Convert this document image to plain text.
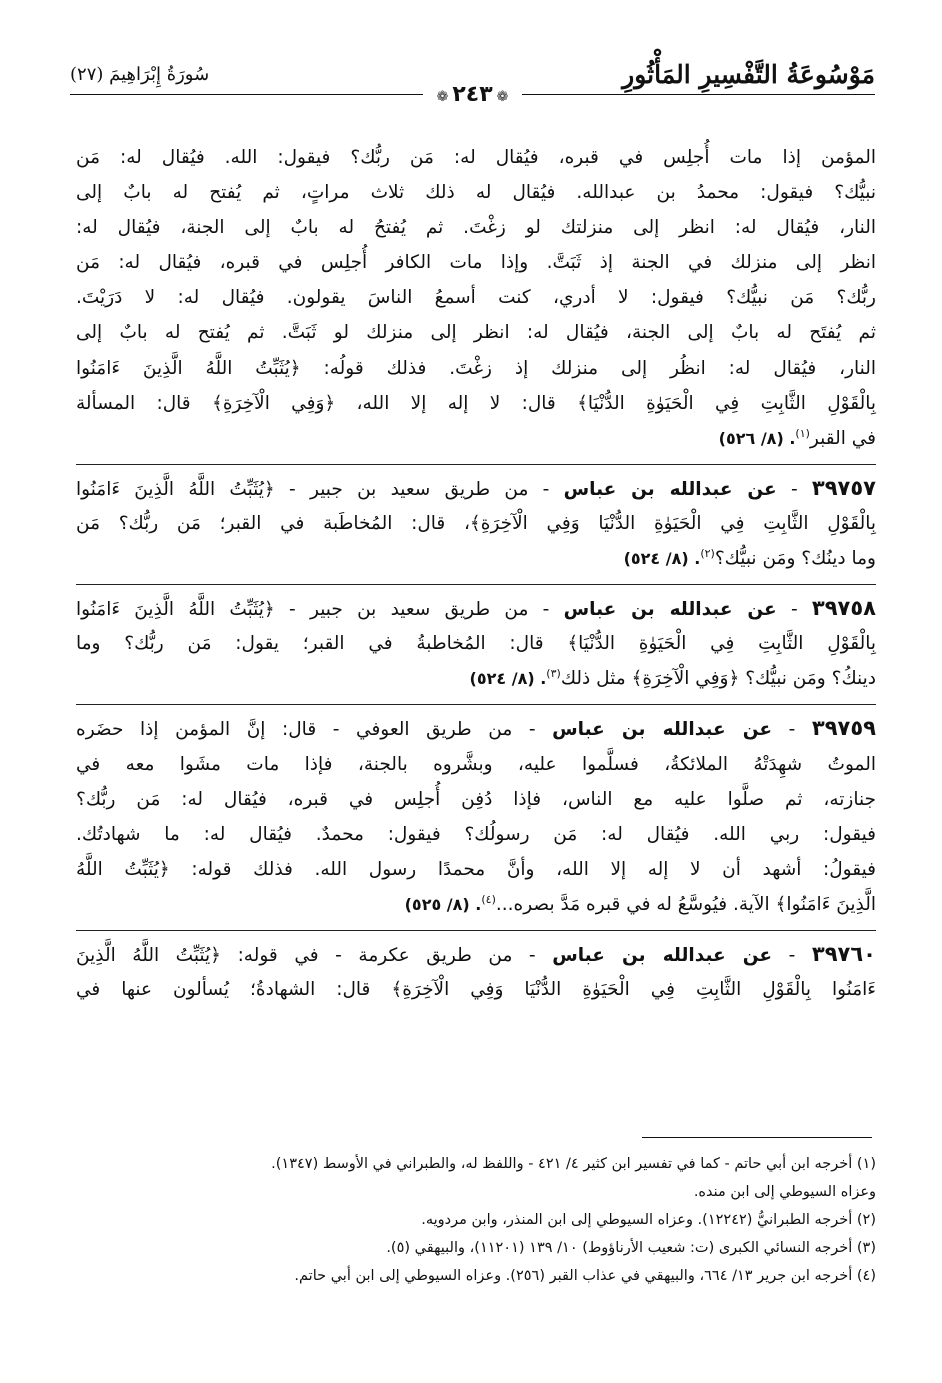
مَوْسُوعَةُ التَّفْسِيرِ المَأْثُورِ
سُورَةُ إِبْرَاهِيمَ (٢٧)
❁٢٤٣❁
المؤمن إذا مات أُجلِس في قبره، فيُقال له: مَن ربُّك؟ فيقول: الله. فيُقال له: مَن
نبيُّك؟ فيقول: محمدُ بن عبدالله. فيُقال له ذلك ثلاث مراتٍ، ثم يُفتح له بابٌ إلى
النار، فيُقال له: انظر إلى منزلتك لو زغْتَ. ثم يُفتحُ له بابٌ إلى الجنة، فيُقال له:
انظر إلى منزلك في الجنة إذ ثَبَتَّ. وإذا مات الكافر أُجلِس في قبره، فيُقال له: مَن
ربُّك؟ مَن نبيُّك؟ فيقول: لا أدري، كنت أسمعُ الناسَ يقولون. فيُقال له: لا دَرَيْتَ.
ثم يُفتَح له بابٌ إلى الجنة، فيُقال له: انظر إلى منزلك لو ثَبَتَّ. ثم يُفتح له بابٌ إلى
النار، فيُقال له: انظُر إلى منزلك إذ زغْتَ. فذلك قولُه: ﴿يُثَبِّتُ اللَّهُ الَّذِينَ ءَامَنُوا
بِالْقَوْلِ الثَّابِتِ فِي الْحَيَوٰةِ الدُّنْيَا﴾ قال: لا إله إلا الله، ﴿وَفِي الْآخِرَةِ﴾ قال: المسألة
في القبر$^{(١)}$. (٨/ ٥٢٦)
٣٩٧٥٧ - عن عبدالله بن عباس - من طريق سعيد بن جبير - ﴿يُثَبِّتُ اللَّهُ الَّذِينَ ءَامَنُوا
بِالْقَوْلِ الثَّابِتِ فِي الْحَيَوٰةِ الدُّنْيَا وَفِي الْآخِرَةِ﴾، قال: المُخاطَبة في القبر؛ مَن ربُّك؟ مَن
وما دينُك؟ ومَن نبيُّك؟$^{(٢)}$. (٨/ ٥٢٤)
٣٩٧٥٨ - عن عبدالله بن عباس - من طريق سعيد بن جبير - ﴿يُثَبِّتُ اللَّهُ الَّذِينَ ءَامَنُوا
بِالْقَوْلِ الثَّابِتِ فِي الْحَيَوٰةِ الدُّنْيَا﴾ قال: المُخاطبةُ في القبر؛ يقول: مَن ربُّك؟ وما
دينكُ؟ ومَن نبيُّك؟ ﴿وَفِي الْآخِرَةِ﴾ مثل ذلك$^{(٣)}$. (٨/ ٥٢٤)
٣٩٧٥٩ - عن عبدالله بن عباس - من طريق العوفي - قال: إنَّ المؤمن إذا حضَره
الموتُ شهِدَتْهُ الملائكةُ، فسلَّموا عليه، وبشَّروه بالجنة، فإذا مات مشَوا معه في
جنازته، ثم صلَّوا عليه مع الناس، فإذا دُفِن أُجلِس في قبره، فيُقال له: مَن ربُّك؟
فيقول: ربي الله. فيُقال له: مَن رسولُك؟ فيقول: محمدٌ. فيُقال له: ما شهادتُك.
فيقولُ: أشهد أن لا إله إلا الله، وأنَّ محمدًا رسول الله. فذلك قوله: ﴿يُثَبِّتُ اللَّهُ
الَّذِينَ ءَامَنُوا﴾ الآية. فيُوسَّعُ له في قبره مَدَّ بصره...$^{(٤)}$. (٨/ ٥٢٥)
٣٩٧٦٠ - عن عبدالله بن عباس - من طريق عكرمة - في قوله: ﴿يُثَبِّتُ اللَّهُ الَّذِينَ
ءَامَنُوا بِالْقَوْلِ الثَّابِتِ فِي الْحَيَوٰةِ الدُّنْيَا وَفِي الْآخِرَةِ﴾ قال: الشهادةُ؛ يُسألون عنها في
(١) أخرجه ابن أبي حاتم - كما في تفسير ابن كثير ٤/ ٤٢١ - واللفظ له، والطبراني في الأوسط (١٣٤٧).
وعزاه السيوطي إلى ابن منده.
(٢) أخرجه الطبرانيُّ (١٢٢٤٢). وعزاه السيوطي إلى ابن المنذر، وابن مردويه.
(٣) أخرجه النسائي الكبرى (ت: شعيب الأرناؤوط) ١٠/ ١٣٩ (١١٢٠١)، والبيهقي (٥).
(٤) أخرجه ابن جرير ١٣/ ٦٦٤، والبيهقي في عذاب القبر (٢٥٦). وعزاه السيوطي إلى ابن أبي حاتم.
